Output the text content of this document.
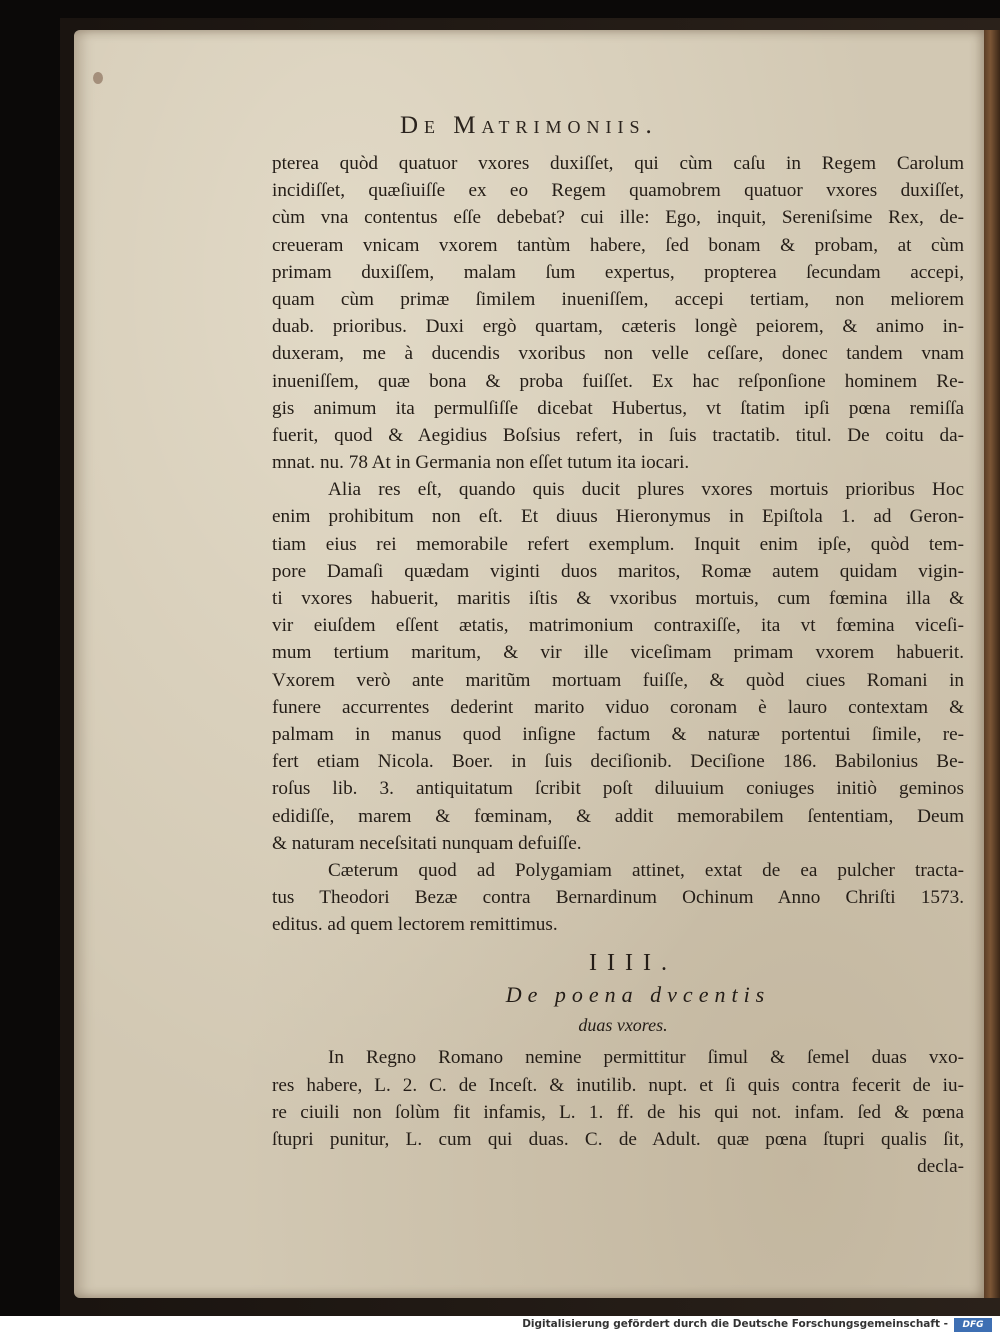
De Matrimoniis.
pterea quòd quatuor vxores duxiſſet, qui cùm caſu in Regem Carolum
incidiſſet, quæſiuiſſe ex eo Regem quamobrem quatuor vxores duxiſſet,
cùm vna contentus eſſe debebat? cui ille: Ego, inquit, Sereniſsime Rex, de-
creueram vnicam vxorem tantùm habere, ſed bonam & probam, at cùm
primam duxiſſem, malam ſum expertus, propterea ſecundam accepi,
quam cùm primæ ſimilem inueniſſem, accepi tertiam, non meliorem
duab. prioribus. Duxi ergò quartam, cæteris longè peiorem, & animo in-
duxeram, me à ducendis vxoribus non velle ceſſare, donec tandem vnam
inueniſſem, quæ bona & proba fuiſſet. Ex hac reſponſione hominem Re-
gis animum ita permulſiſſe dicebat Hubertus, vt ſtatim ipſi pœna remiſſa
fuerit, quod & Aegidius Boſsius refert, in ſuis tractatib. titul. De coitu da-
mnat. nu. 78 At in Germania non eſſet tutum ita iocari.
Alia res eſt, quando quis ducit plures vxores mortuis prioribus Hoc
enim prohibitum non eſt. Et diuus Hieronymus in Epiſtola 1. ad Geron-
tiam eius rei memorabile refert exemplum. Inquit enim ipſe, quòd tem-
pore Damaſi quædam viginti duos maritos, Romæ autem quidam vigin-
ti vxores habuerit, maritis iſtis & vxoribus mortuis, cum fœmina illa &
vir eiuſdem eſſent ætatis, matrimonium contraxiſſe, ita vt fœmina viceſi-
mum tertium maritum, & vir ille viceſimam primam vxorem habuerit.
Vxorem verò ante maritũm mortuam fuiſſe, & quòd ciues Romani in
funere accurrentes dederint marito viduo coronam è lauro contextam &
palmam in manus quod inſigne factum & naturæ portentui ſimile, re-
fert etiam Nicola. Boer. in ſuis deciſionib. Deciſione 186. Babilonius Be-
roſus lib. 3. antiquitatum ſcribit poſt diluuium coniuges initiò geminos
edidiſſe, marem & fœminam, & addit memorabilem ſententiam, Deum
& naturam neceſsitati nunquam defuiſſe.
Cæterum quod ad Polygamiam attinet, extat de ea pulcher tracta-
tus Theodori Bezæ contra Bernardinum Ochinum Anno Chriſti 1573.
editus. ad quem lectorem remittimus.
IIII.
De poena dvcentis
duas vxores.
In Regno Romano nemine permittitur ſimul & ſemel duas vxo-
res habere, L. 2. C. de Inceſt. & inutilib. nupt. et ſi quis contra fecerit de iu-
re ciuili non ſolùm fit infamis, L. 1. ff. de his qui not. infam. ſed & pœna
ſtupri punitur, L. cum qui duas. C. de Adult. quæ pœna ſtupri qualis ſit,
decla-
Digitalisierung gefördert durch die Deutsche Forschungsgemeinschaft -	DFG
